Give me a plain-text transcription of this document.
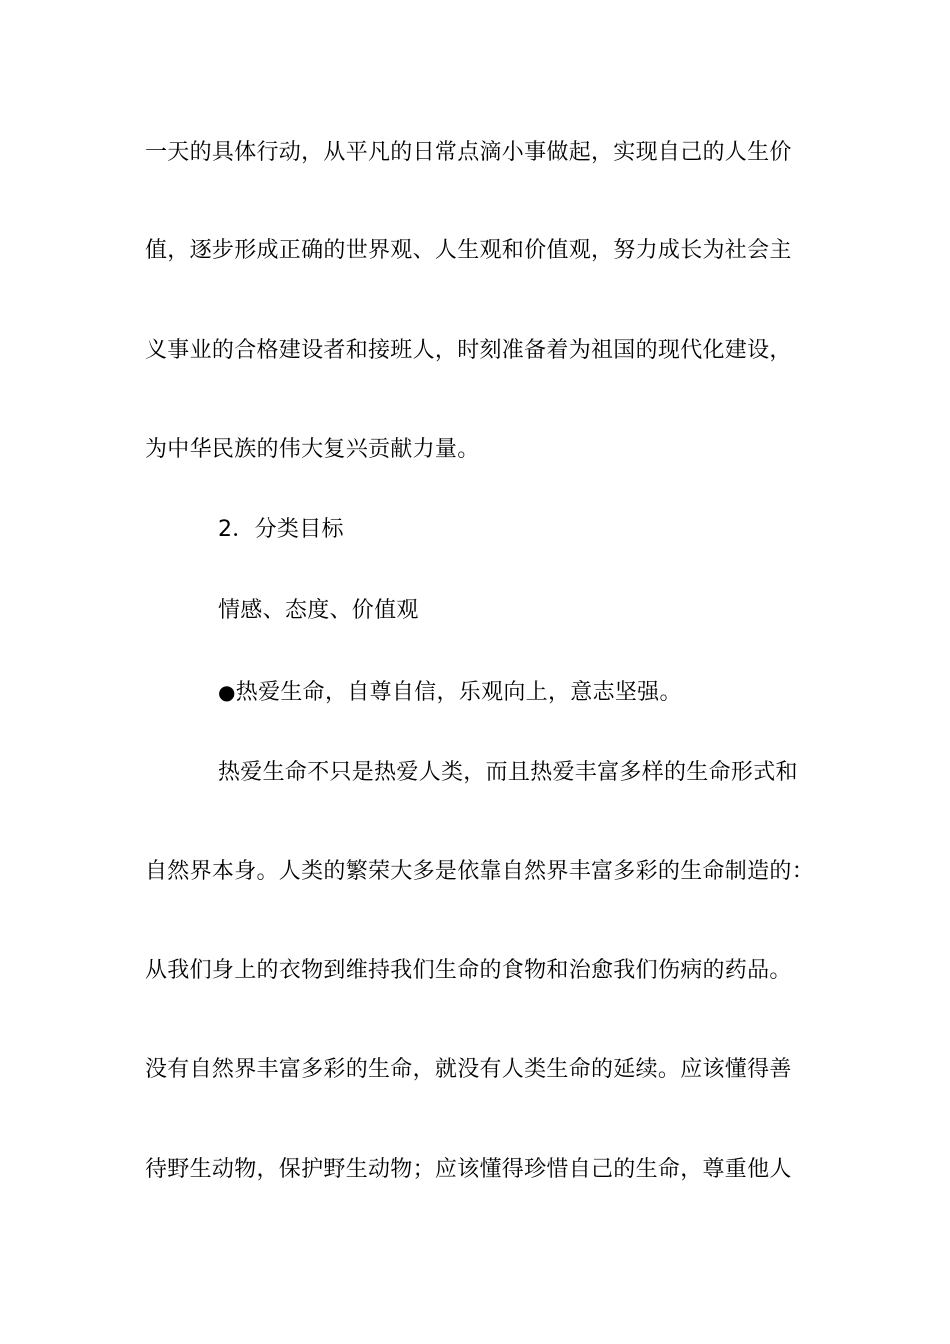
一天的具体行动，从平凡的日常点滴小事做起，实现自己的人生价
值，逐步形成正确的世界观、人生观和价值观，努力成长为社会主
义事业的合格建设者和接班人，时刻准备着为祖国的现代化建设，
为中华民族的伟大复兴贡献力量。
2．分类目标
情感、态度、价值观
●热爱生命，自尊自信，乐观向上，意志坚强。
热爱生命不只是热爱人类，而且热爱丰富多样的生命形式和
自然界本身。人类的繁荣大多是依靠自然界丰富多彩的生命制造的：
从我们身上的衣物到维持我们生命的食物和治愈我们伤病的药品。
没有自然界丰富多彩的生命，就没有人类生命的延续。应该懂得善
待野生动物，保护野生动物；应该懂得珍惜自己的生命，尊重他人
